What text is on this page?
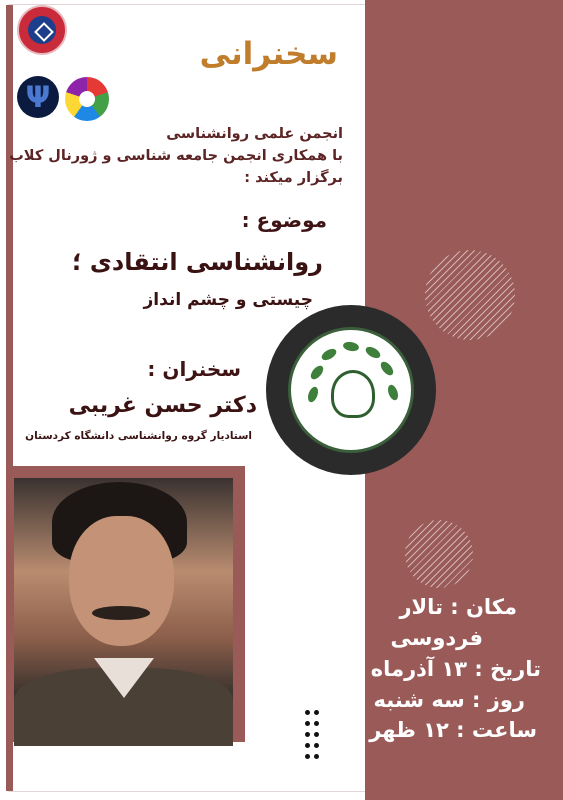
Ψ
سخنرانی
انجمن علمی روانشناسی
با همکاری انجمن جامعه شناسی و ژورنال کلاب
برگزار میکند :
موضوع :
روانشناسی انتقادی ؛
چیستی و چشم انداز
سخنران :
دکتر حسن غریبی
استادیار گروه روانشناسی دانشگاه کردستان
مکان : تالار
فردوسی
تاریخ : ۱۳ آذرماه
روز : سه شنبه
ساعت : ۱۲ ظهر
